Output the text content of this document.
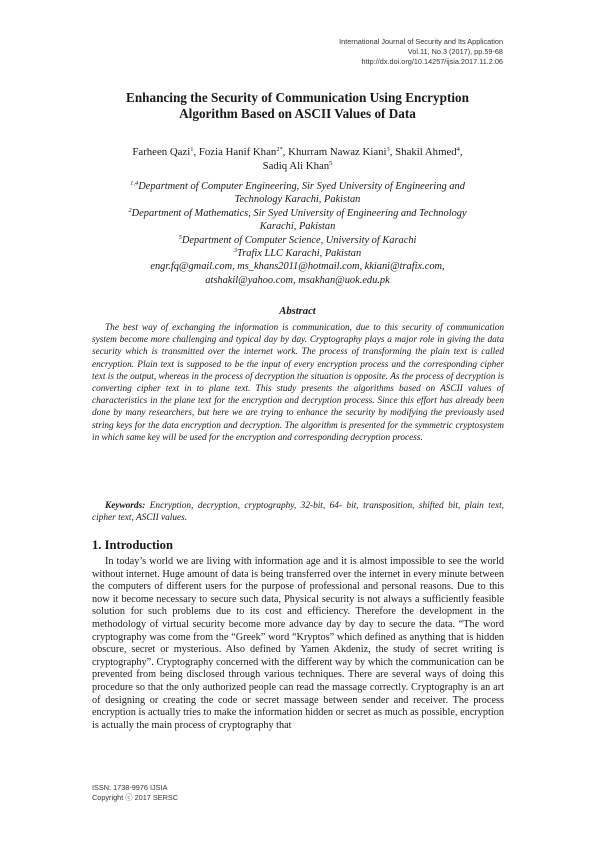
International Journal of Security and Its Application
Vol.11, No.3 (2017), pp.59-68
http://dx.doi.org/10.14257/ijsia.2017.11.2.06
Enhancing the Security of Communication Using Encryption
Algorithm Based on ASCII Values of Data
Farheen Qazi$^1$, Fozia Hanif Khan$^{2*}$, Khurram Nawaz Kiani$^3$, Shakil Ahmed$^4$,
Sadiq Ali Khan$^5$
$^{1,4}$Department of Computer Engineering, Sir Syed University of Engineering and
Technology Karachi, Pakistan
$^2$Department of Mathematics, Sir Syed University of Engineering and Technology
Karachi, Pakistan
$^5$Department of Computer Science, University of Karachi
$^3$Trafix LLC Karachi, Pakistan
engr.fq@gmail.com, ms_khans2011@hotmail.com, kkiani@trafix.com,
atshakil@yahoo.com, msakhan@uok.edu.pk
Abstract

The best way of exchanging the information is communication, due to this security of communication system become more challenging and typical day by day. Cryptography plays a major role in giving the data security which is transmitted over the internet work. The process of transforming the plain text is called encryption. Plain text is supposed to be the input of every encryption process and the corresponding cipher text is the output, whereas in the process of decryption the situation is opposite. As the process of decryption is converting cipher text in to plane text. This study presents the algorithms based on ASCII values of characteristics in the plane text for the encryption and decryption process. Since this effort has already been done by many researchers, but here we are trying to enhance the security by modifying the previously used string keys for the data encryption and decryption. The algorithm is presented for the symmetric cryptosystem in which same key will be used for the encryption and corresponding decryption process.

Keywords: Encryption, decryption, cryptography, 32-bit, 64- bit, transposition, shifted bit, plain text, cipher text, ASCII values.

1. Introduction

In today’s world we are living with information age and it is almost impossible to see the world without internet. Huge amount of data is being transferred over the internet in every minute between the computers of different users for the purpose of professional and personal reasons. Due to this now it become necessary to secure such data, Physical security is not always a sufficiently feasible solution for such problems due to its cost and efficiency. Therefore the development in the methodology of virtual security become more advance day by day to secure the data. “The word cryptography was come from the “Greek” word “Kryptos” which defined as anything that is hidden obscure, secret or mysterious. Also defined by Yamen Akdeniz, the study of secret writing is cryptography”. Cryptography concerned with the different way by which the communication can be prevented from being disclosed through various techniques. There are several ways of doing this procedure so that the only authorized people can read the massage correctly. Cryptography is an art of designing or creating the code or secret massage between sender and receiver. The process encryption is actually tries to make the information hidden or secret as much as possible, encryption is actually the main process of cryptography that

ISSN: 1738-9976 IJSIA
Copyright ⓒ 2017 SERSC
